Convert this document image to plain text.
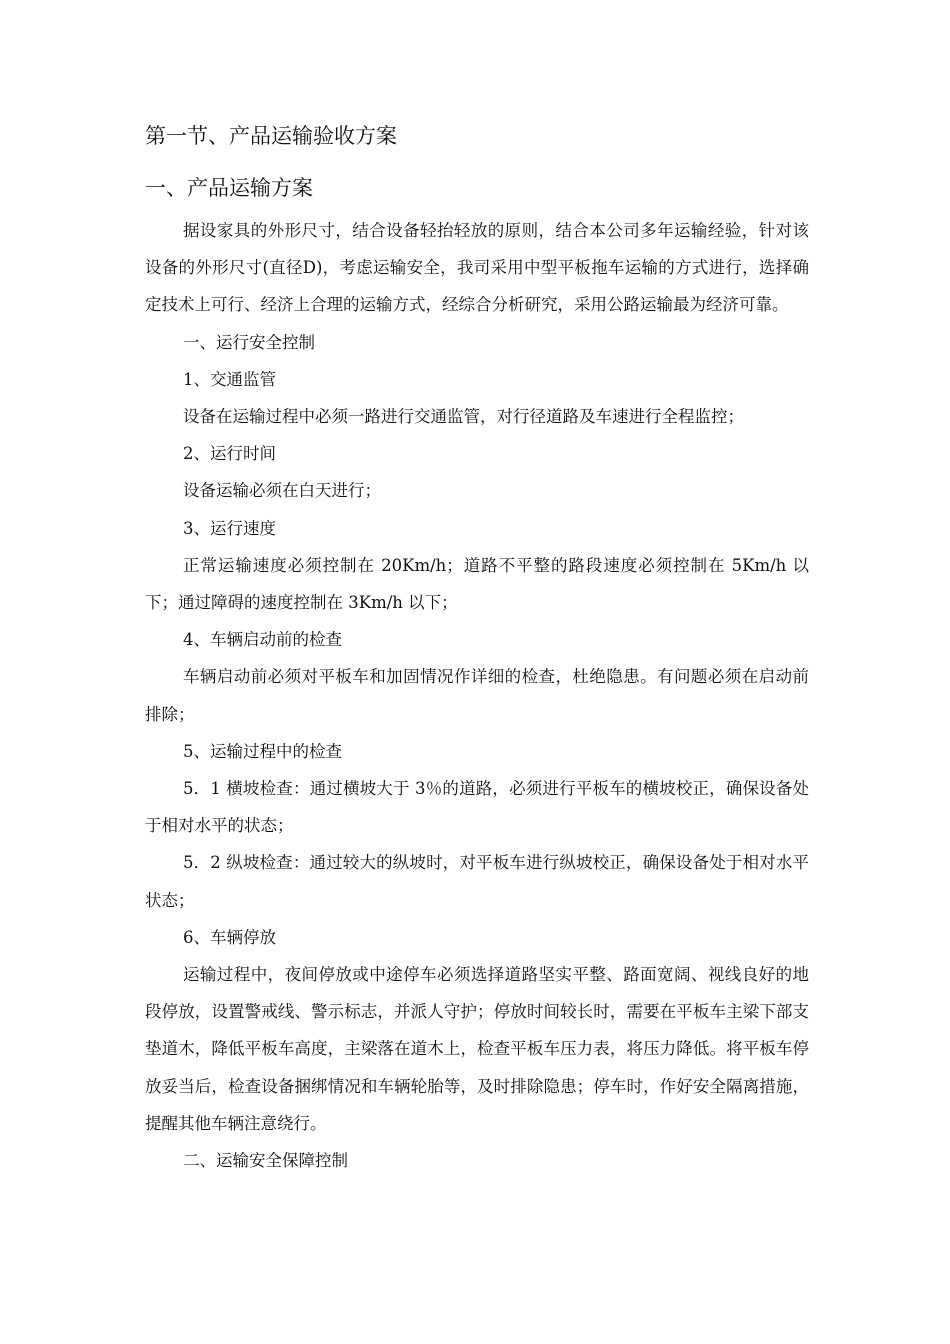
第一节、产品运输验收方案
一、产品运输方案

据设家具的外形尺寸，结合设备轻抬轻放的原则，结合本公司多年运输经验，针对该设备的外形尺寸(直径D)，考虑运输安全，我司采用中型平板拖车运输的方式进行，选择确定技术上可行、经济上合理的运输方式，经综合分析研究，采用公路运输最为经济可靠。

一、运行安全控制
1、交通监管

设备在运输过程中必须一路进行交通监管，对行径道路及车速进行全程监控；

2、运行时间

设备运输必须在白天进行；

3、运行速度

正常运输速度必须控制在 20Km/h；道路不平整的路段速度必须控制在 5Km/h 以下；通过障碍的速度控制在 3Km/h 以下；

4、车辆启动前的检查

车辆启动前必须对平板车和加固情况作详细的检查，杜绝隐患。有问题必须在启动前排除；

5、运输过程中的检查

5．1 横坡检查：通过横坡大于 3％的道路，必须进行平板车的横坡校正，确保设备处于相对水平的状态；

5．2 纵坡检查：通过较大的纵坡时，对平板车进行纵坡校正，确保设备处于相对水平状态；

6、车辆停放

运输过程中，夜间停放或中途停车必须选择道路坚实平整、路面宽阔、视线良好的地段停放，设置警戒线、警示标志，并派人守护；停放时间较长时，需要在平板车主梁下部支垫道木，降低平板车高度，主梁落在道木上，检查平板车压力表，将压力降低。将平板车停放妥当后，检查设备捆绑情况和车辆轮胎等，及时排除隐患；停车时，作好安全隔离措施，提醒其他车辆注意绕行。

二、运输安全保障控制
